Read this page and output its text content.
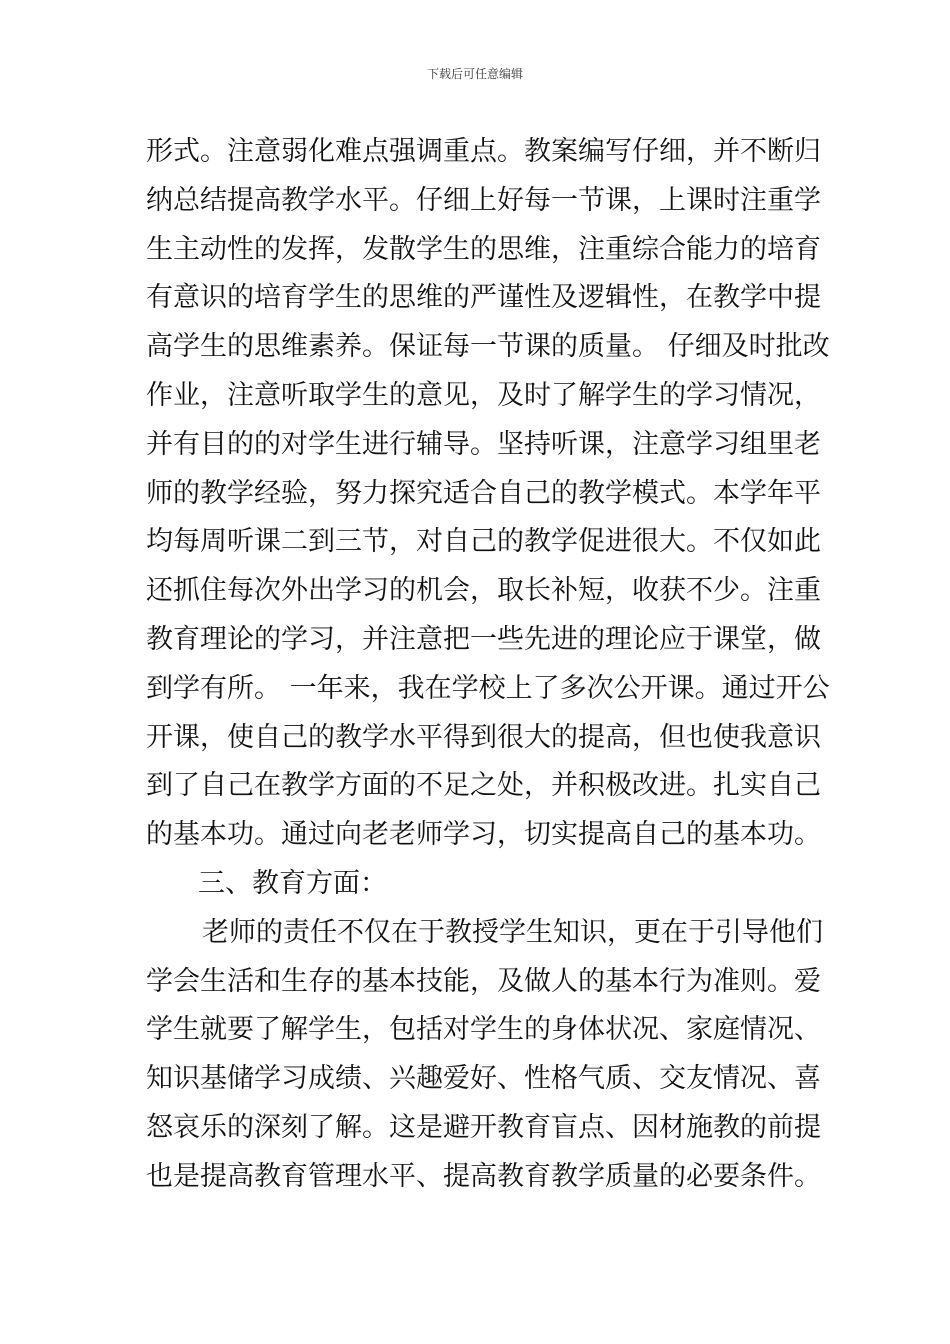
下载后可任意编辑
形式。注意弱化难点强调重点。教案编写仔细，并不断归
纳总结提高教学水平。仔细上好每一节课，上课时注重学
生主动性的发挥，发散学生的思维，注重综合能力的培育
有意识的培育学生的思维的严谨性及逻辑性，在教学中提
高学生的思维素养。保证每一节课的质量。 仔细及时批改
作业，注意听取学生的意见，及时了解学生的学习情况，
并有目的的对学生进行辅导。坚持听课，注意学习组里老
师的教学经验，努力探究适合自己的教学模式。本学年平
均每周听课二到三节，对自己的教学促进很大。不仅如此
还抓住每次外出学习的机会，取长补短，收获不少。注重
教育理论的学习，并注意把一些先进的理论应于课堂，做
到学有所。 一年来，我在学校上了多次公开课。通过开公
开课，使自己的教学水平得到很大的提高，但也使我意识
到了自己在教学方面的不足之处，并积极改进。扎实自己
的基本功。通过向老老师学习，切实提高自己的基本功。
三、教育方面：
老师的责任不仅在于教授学生知识，更在于引导他们
学会生活和生存的基本技能，及做人的基本行为准则。爱
学生就要了解学生，包括对学生的身体状况、家庭情况、
知识基储学习成绩、兴趣爱好、性格气质、交友情况、喜
怒哀乐的深刻了解。这是避开教育盲点、因材施教的前提
也是提高教育管理水平、提高教育教学质量的必要条件。
